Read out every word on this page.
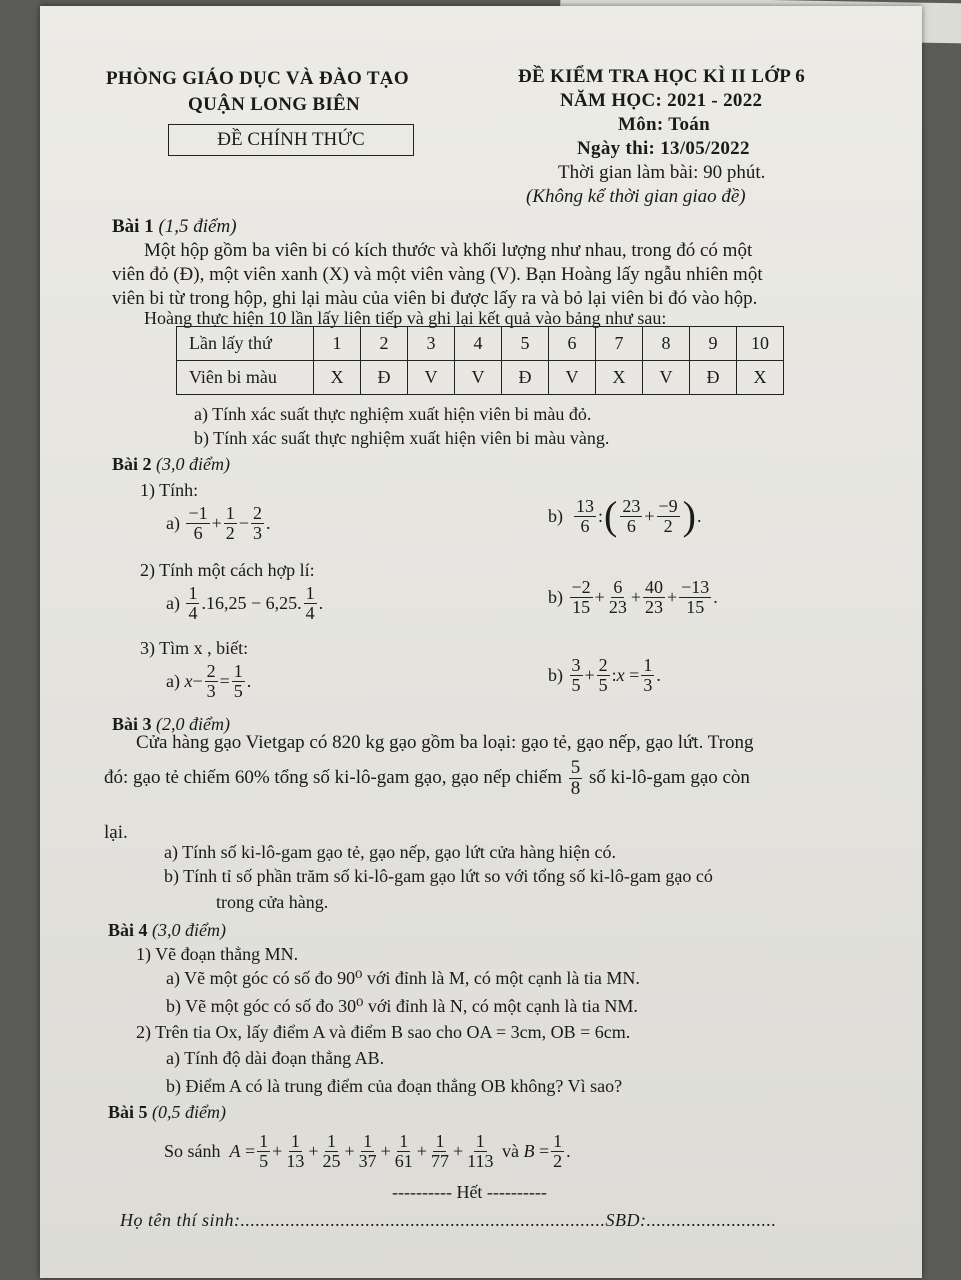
PHÒNG GIÁO DỤC VÀ ĐÀO TẠO
QUẬN LONG BIÊN
ĐỀ CHÍNH THỨC
ĐỀ KIỂM TRA HỌC KÌ II LỚP 6
NĂM HỌC: 2021 - 2022
Môn: Toán
Ngày thi: 13/05/2022
Thời gian làm bài: 90 phút.
(Không kể thời gian giao đề)
Bài 1 (1,5 điểm)
Một hộp gồm ba viên bi có kích thước và khối lượng như nhau, trong đó có một
viên đỏ (Đ), một viên xanh (X) và một viên vàng (V). Bạn Hoàng lấy ngẫu nhiên một
viên bi từ trong hộp, ghi lại màu của viên bi được lấy ra và bỏ lại viên bi đó vào hộp.
Hoàng thực hiện 10 lần lấy liên tiếp và ghi lại kết quả vào bảng như sau:
Lần lấy thứ	1	2	3	4	5	6	7	8	9	10
Viên bi màu	X	Đ	V	V	Đ	V	X	V	Đ	X
a) Tính xác suất thực nghiệm xuất hiện viên bi màu đỏ.
b) Tính xác suất thực nghiệm xuất hiện viên bi màu vàng.
Bài 2 (3,0 điểm)
1) Tính:
a)
$\frac{-1}{6} + \frac{1}{2} - \frac{2}{3}$ .	b)
$\frac{13}{6}$ : ( $\frac{23}{6} + \frac{-9}{2}$ ) .
2) Tính một cách hợp lí:
a)
$\frac{1}{4} .16,25 - 6,25$. $\frac{1}{4}$ .	b)
$\frac{-2}{15} + \frac{6}{23} + \frac{40}{23} + \frac{-13}{15}$ .
3) Tìm x , biết:
a)
$x - \frac{2}{3} = \frac{1}{5}$ .	b)
$\frac{3}{5} + \frac{2}{5}$ : $x = \frac{1}{3}$ .
Bài 3 (2,0 điểm)
Cửa hàng gạo Vietgap có 820 kg gạo gồm ba loại: gạo tẻ, gạo nếp, gạo lứt. Trong
đó: gạo tẻ chiếm 60% tổng số ki-lô-gam gạo, gạo nếp chiếm
$\frac{5}{8}$
số ki-lô-gam gạo còn
lại.
a) Tính số ki-lô-gam gạo tẻ, gạo nếp, gạo lứt cửa hàng hiện có.
b) Tính tỉ số phần trăm số ki-lô-gam gạo lứt so với tổng số ki-lô-gam gạo có
trong cửa hàng.
Bài 4 (3,0 điểm)
1) Vẽ đoạn thẳng MN.
a) Vẽ một góc có số đo 90⁰ với đỉnh là M, có một cạnh là tia MN.
b) Vẽ một góc có số đo 30⁰ với đỉnh là N, có một cạnh là tia NM.
2) Trên tia Ox, lấy điểm A và điểm B sao cho OA = 3cm, OB = 6cm.
a) Tính độ dài đoạn thẳng AB.
b) Điểm A có là trung điểm của đoạn thẳng OB không? Vì sao?
Bài 5 (0,5 điểm)
So sánh
$A = \frac{1}{5} + \frac{1}{13} + \frac{1}{25} + \frac{1}{37} + \frac{1}{61} + \frac{1}{77} + \frac{1}{113}$
và
$B = \frac{1}{2}$ .
---------- Hết ----------
Họ tên thí sinh:.........................................................................SBD:..........................
